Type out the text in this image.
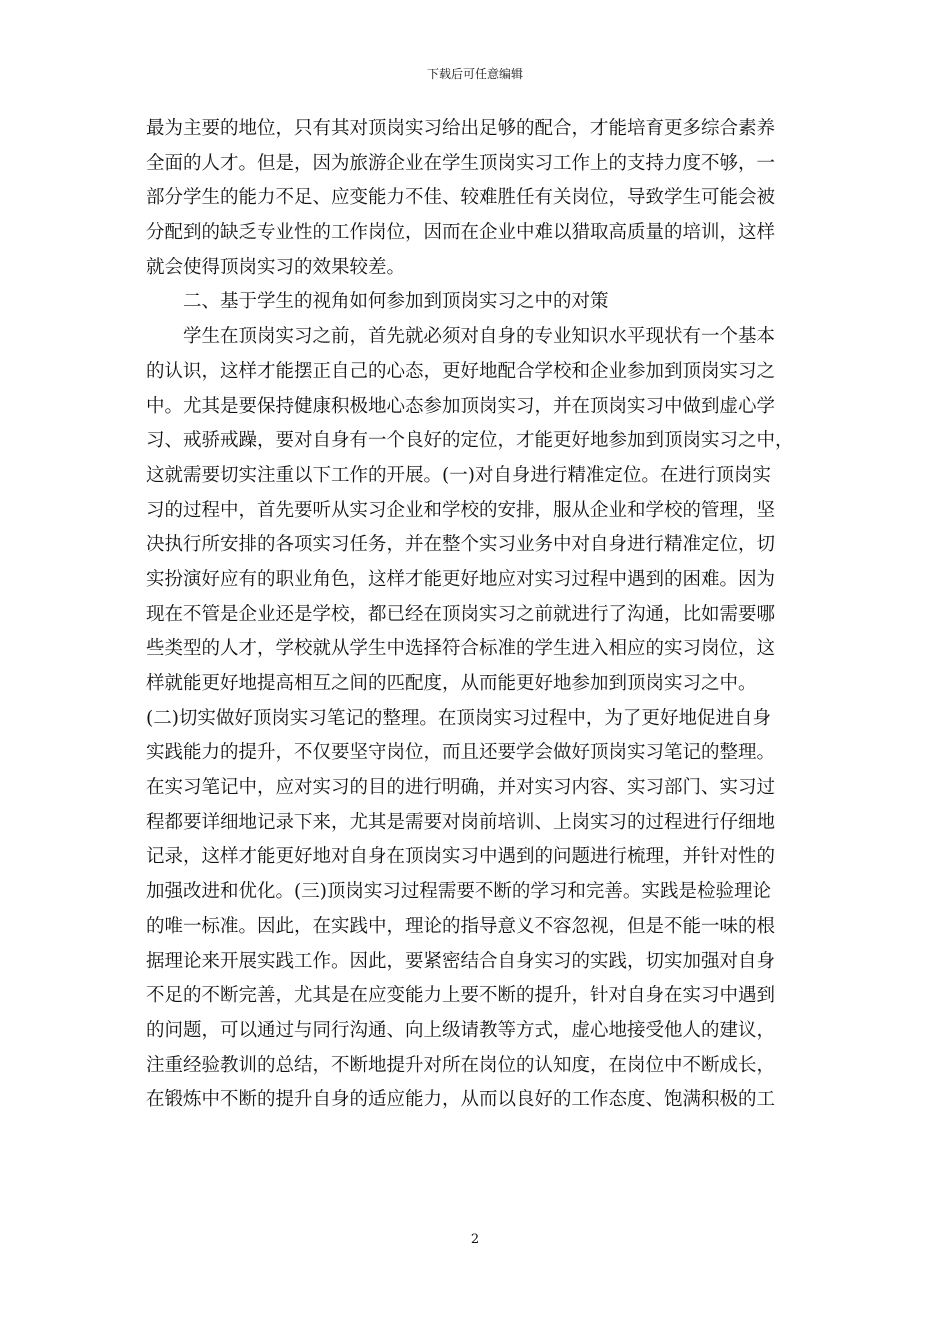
下载后可任意编辑
最为主要的地位，只有其对顶岗实习给出足够的配合，才能培育更多综合素养
全面的人才。但是，因为旅游企业在学生顶岗实习工作上的支持力度不够，一
部分学生的能力不足、应变能力不佳、较难胜任有关岗位，导致学生可能会被
分配到的缺乏专业性的工作岗位，因而在企业中难以猎取高质量的培训，这样
就会使得顶岗实习的效果较差。
　　二、基于学生的视角如何参加到顶岗实习之中的对策
　　学生在顶岗实习之前，首先就必须对自身的专业知识水平现状有一个基本
的认识，这样才能摆正自己的心态，更好地配合学校和企业参加到顶岗实习之
中。尤其是要保持健康积极地心态参加顶岗实习，并在顶岗实习中做到虚心学
习、戒骄戒躁，要对自身有一个良好的定位，才能更好地参加到顶岗实习之中，
这就需要切实注重以下工作的开展。(一)对自身进行精准定位。在进行顶岗实
习的过程中，首先要听从实习企业和学校的安排，服从企业和学校的管理，坚
决执行所安排的各项实习任务，并在整个实习业务中对自身进行精准定位，切
实扮演好应有的职业角色，这样才能更好地应对实习过程中遇到的困难。因为
现在不管是企业还是学校，都已经在顶岗实习之前就进行了沟通，比如需要哪
些类型的人才，学校就从学生中选择符合标准的学生进入相应的实习岗位，这
样就能更好地提高相互之间的匹配度，从而能更好地参加到顶岗实习之中。
(二)切实做好顶岗实习笔记的整理。在顶岗实习过程中，为了更好地促进自身
实践能力的提升，不仅要坚守岗位，而且还要学会做好顶岗实习笔记的整理。
在实习笔记中，应对实习的目的进行明确，并对实习内容、实习部门、实习过
程都要详细地记录下来，尤其是需要对岗前培训、上岗实习的过程进行仔细地
记录，这样才能更好地对自身在顶岗实习中遇到的问题进行梳理，并针对性的
加强改进和优化。(三)顶岗实习过程需要不断的学习和完善。实践是检验理论
的唯一标准。因此，在实践中，理论的指导意义不容忽视，但是不能一味的根
据理论来开展实践工作。因此，要紧密结合自身实习的实践，切实加强对自身
不足的不断完善，尤其是在应变能力上要不断的提升，针对自身在实习中遇到
的问题，可以通过与同行沟通、向上级请教等方式，虚心地接受他人的建议，
注重经验教训的总结，不断地提升对所在岗位的认知度，在岗位中不断成长，
在锻炼中不断的提升自身的适应能力，从而以良好的工作态度、饱满积极的工
2
